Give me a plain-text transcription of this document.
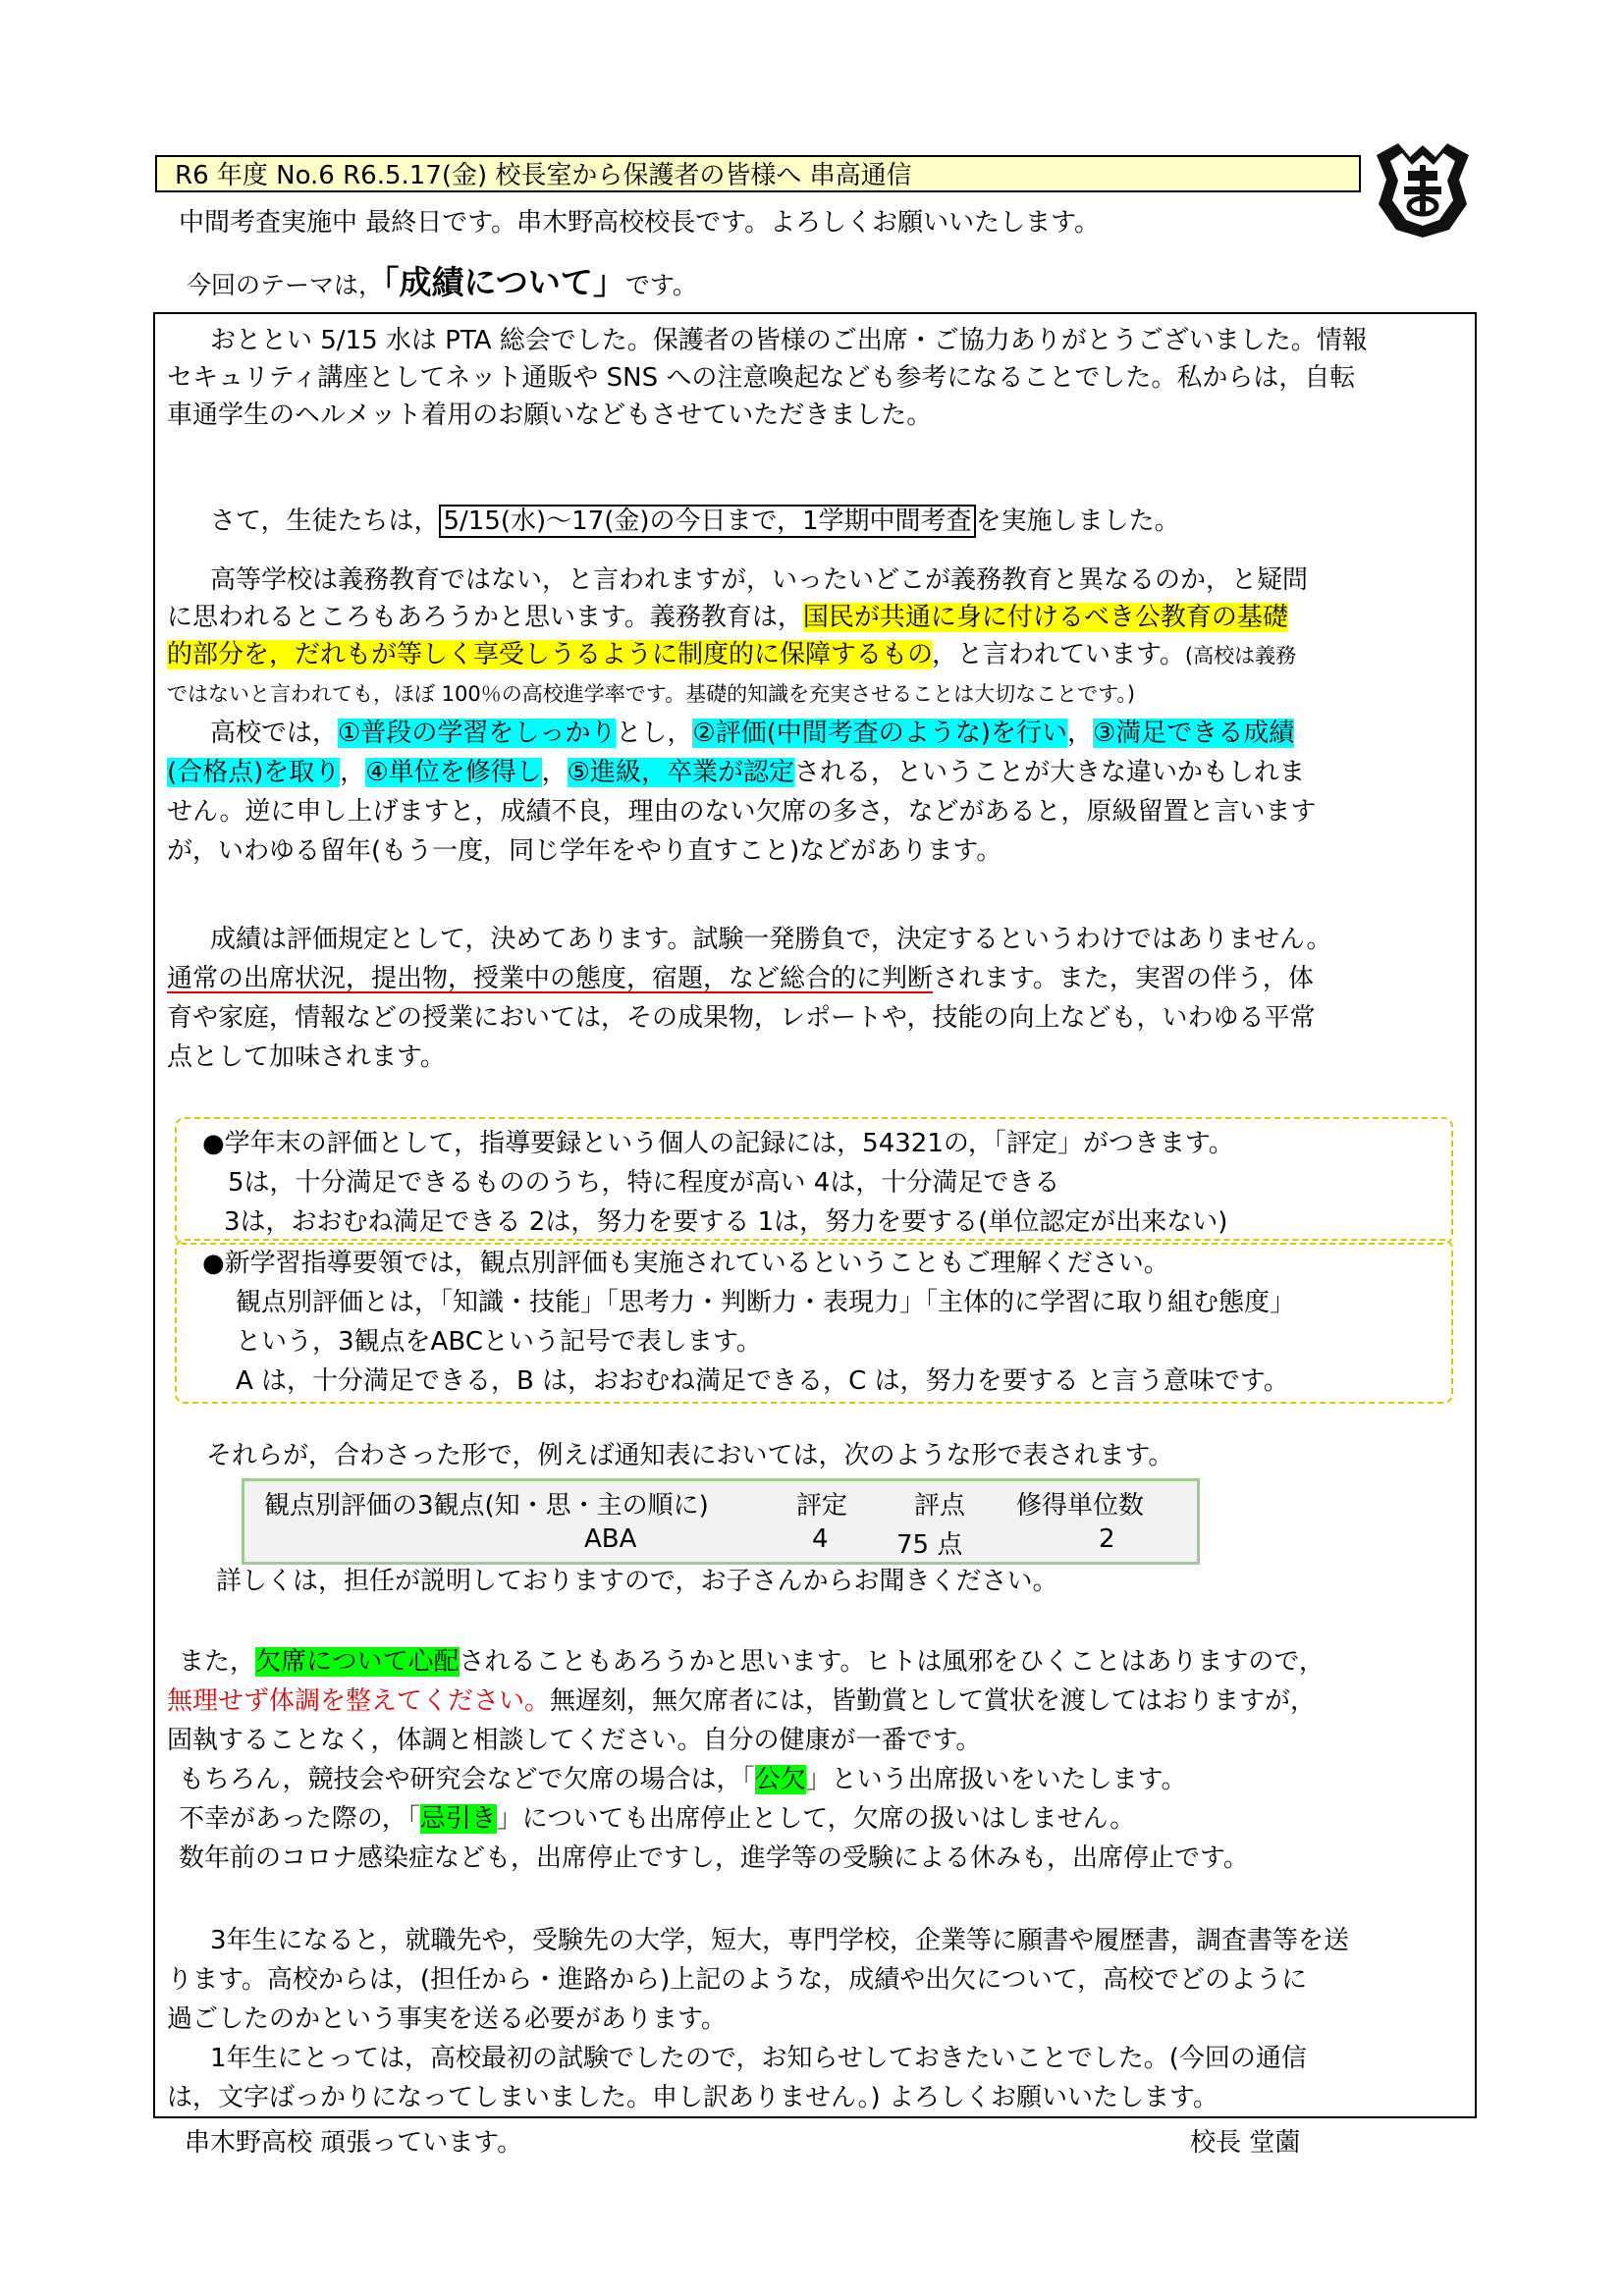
R6 年度 No.6 R6.5.17(金) 校長室から保護者の皆様へ 串高通信
中間考査実施中 最終日です。串木野高校校長です。よろしくお願いいたします。
今回のテーマは，「成績について」です。
おととい 5/15 水は PTA 総会でした。保護者の皆様のご出席・ご協力ありがとうございました。情報
セキュリティ講座としてネット通販や SNS への注意喚起なども参考になることでした。私からは，自転
車通学生のヘルメット着用のお願いなどもさせていただきました。
さて，生徒たちは， 5/15(水)～17(金)の今日まで，1学期中間考査 を実施しました。
高等学校は義務教育ではない，と言われますが，いったいどこが義務教育と異なるのか，と疑問
に思われるところもあろうかと思います。義務教育は，国民が共通に身に付けるべき公教育の基礎
的部分を，だれもが等しく享受しうるように制度的に保障するもの，と言われています。(高校は義務
ではないと言われても，ほぼ 100％の高校進学率です。基礎的知識を充実させることは大切なことです。)
高校では，①普段の学習をしっかりとし，②評価(中間考査のような)を行い，③満足できる成績
(合格点)を取り，④単位を修得し，⑤進級，卒業が認定される，ということが大きな違いかもしれま
せん。逆に申し上げますと，成績不良，理由のない欠席の多さ，などがあると，原級留置と言います
が，いわゆる留年(もう一度，同じ学年をやり直すこと)などがあります。
成績は評価規定として，決めてあります。試験一発勝負で，決定するというわけではありません。
通常の出席状況，提出物，授業中の態度，宿題，など総合的に判断されます。また，実習の伴う，体
育や家庭，情報などの授業においては，その成果物，レポートや，技能の向上なども，いわゆる平常
点として加味されます。
●学年末の評価として，指導要録という個人の記録には，54321の，「評定」がつきます。
5は，十分満足できるもののうち，特に程度が高い 4は，十分満足できる
3は，おおむね満足できる 2は，努力を要する 1は，努力を要する(単位認定が出来ない)
●新学習指導要領では，観点別評価も実施されているということもご理解ください。
観点別評価とは，「知識・技能」「思考力・判断力・表現力」「主体的に学習に取り組む態度」
という，3観点をABCという記号で表します。
A は，十分満足できる，B は，おおむね満足できる，C は，努力を要する と言う意味です。
それらが，合わさった形で，例えば通知表においては，次のような形で表されます。
観点別評価の3観点(知・思・主の順に)	評定	評点 修得単位数
ABA	4	75 点	2
詳しくは，担任が説明しておりますので，お子さんからお聞きください。
また，欠席について心配されることもあろうかと思います。ヒトは風邪をひくことはありますので，
無理せず体調を整えてください。無遅刻，無欠席者には，皆勤賞として賞状を渡してはおりますが，
固執することなく，体調と相談してください。自分の健康が一番です。
もちろん，競技会や研究会などで欠席の場合は，「公欠」という出席扱いをいたします。
不幸があった際の，「忌引き」についても出席停止として，欠席の扱いはしません。
数年前のコロナ感染症なども，出席停止ですし，進学等の受験による休みも，出席停止です。
3年生になると，就職先や，受験先の大学，短大，専門学校，企業等に願書や履歴書，調査書等を送
ります。高校からは，(担任から・進路から)上記のような，成績や出欠について，高校でどのように
過ごしたのかという事実を送る必要があります。
1年生にとっては，高校最初の試験でしたので，お知らせしておきたいことでした。(今回の通信
は，文字ばっかりになってしまいました。申し訳ありません。) よろしくお願いいたします。
串木野高校 頑張っています。	校長 堂薗
